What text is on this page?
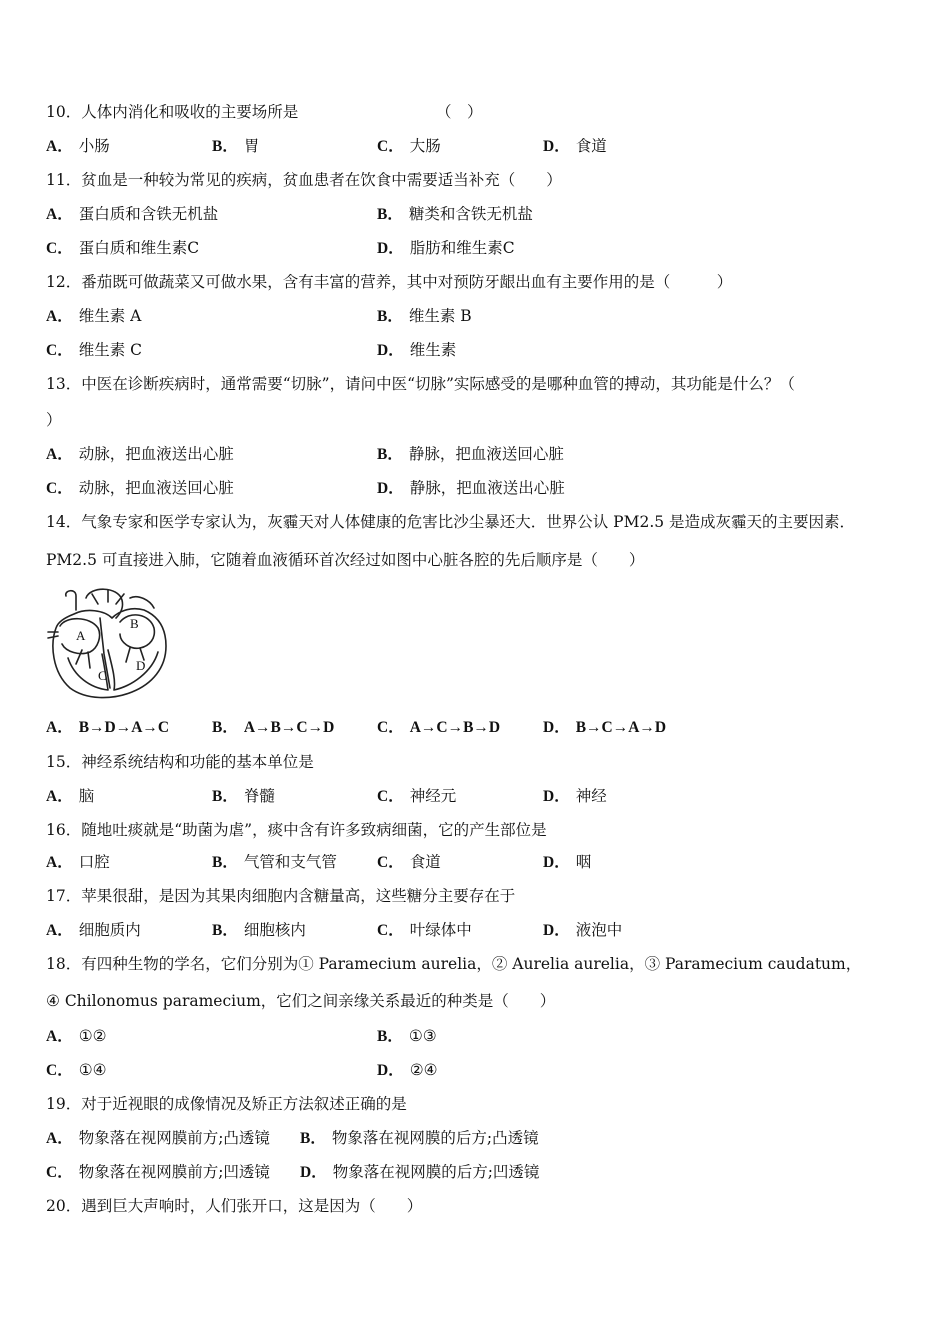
10．人体内消化和吸收的主要场所是	（　）
A． 小肠	B． 胃	C． 大肠	D． 食道
11．贫血是一种较为常见的疾病，贫血患者在饮食中需要适当补充（　　）
A． 蛋白质和含铁无机盐	B． 糖类和含铁无机盐
C． 蛋白质和维生素C	D． 脂肪和维生素C
12．番茄既可做蔬菜又可做水果，含有丰富的营养，其中对预防牙龈出血有主要作用的是（　　　）
A． 维生素 A	B． 维生素 B
C． 维生素 C	D． 维生素
13．中医在诊断疾病时，通常需要“切脉”，请问中医“切脉”实际感受的是哪种血管的搏动，其功能是什么？（
）
A． 动脉，把血液送出心脏	B． 静脉，把血液送回心脏
C． 动脉，把血液送回心脏	D． 静脉，把血液送出心脏
14．气象专家和医学专家认为，灰霾天对人体健康的危害比沙尘暴还大．世界公认 PM2.5 是造成灰霾天的主要因素．
PM2.5 可直接进入肺，它随着血液循环首次经过如图中心脏各腔的先后顺序是（　　）
A
B
C
D
A． B→D→A→C	B． A→B→C→D	C． A→C→B→D	D． B→C→A→D
15．神经系统结构和功能的基本单位是
A． 脑	B． 脊髓	C． 神经元	D． 神经
16．随地吐痰就是“助菌为虐”，痰中含有许多致病细菌，它的产生部位是
A． 口腔	B． 气管和支气管	C． 食道	D． 咽
17．苹果很甜，是因为其果肉细胞内含糖量高，这些糖分主要存在于
A． 细胞质内	B． 细胞核内	C． 叶绿体中	D． 液泡中
18．有四种生物的学名，它们分别为① Paramecium aurelia，② Aurelia aurelia，③ Paramecium caudatum，
④ Chilonomus paramecium，它们之间亲缘关系最近的种类是（　　）
A． ①②	B． ①③
C． ①④	D． ②④
19．对于近视眼的成像情况及矫正方法叙述正确的是
A． 物象落在视网膜前方;凸透镜 B． 物象落在视网膜的后方;凸透镜
C． 物象落在视网膜前方;凹透镜 D． 物象落在视网膜的后方;凹透镜
20．遇到巨大声响时，人们张开口，这是因为（　　）
